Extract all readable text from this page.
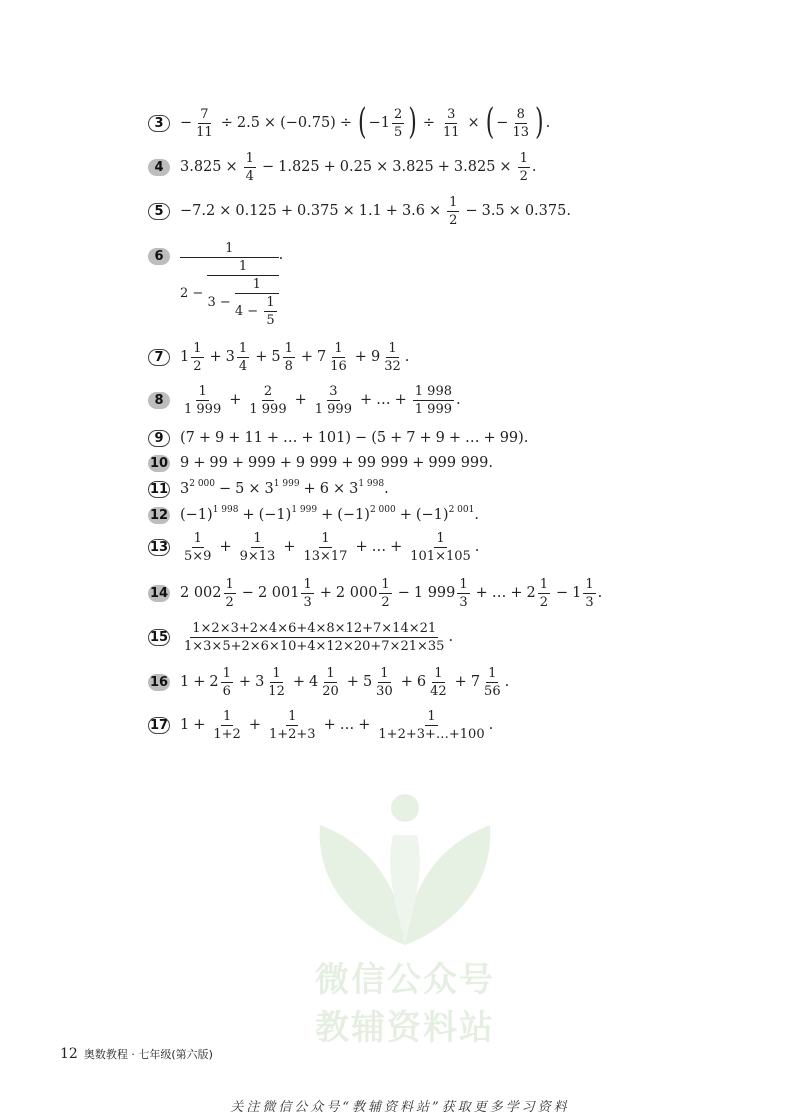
微信公众号
教辅资料站
3	− $\frac{7}{11} \div 2.5 \times (-0.75)$ ÷ ( −1
2
5 ) ÷ $\frac{3}{11}$ × ( −
8
13 ) .
4	$3.825 \times \frac{1}{4} - 1.825 + 0.25 \times 3.825 + 3.825 \times \frac{1}{2}$ .
5	$-7.2 \times 0.125 + 0.375 \times 1.1 + 3.6 \times \frac{1}{2} - 3.5 \times 0.375$.
6
1
2 −
1
3 −
1
4 −
1
5
.
7	1
1
2
+ $3 \frac{1}{4} + 5 \frac{1}{8} + 7 \frac{1}{16} + 9 \frac{1}{32}$ .
8
1
1 999
+ $\frac{2}{1 999} + \frac{3}{1 999}$ + … + $\frac{1 998}{1 999}$ .
9	(7 + 9 + 11 + … + 101) − (5 + 7 + 9 + … + 99).
10 9 + 99 + 999 + 9 999 + 99 999 + 999 999.
11 $3^{2 000} - 5 \times 3^{1 999} + 6 \times 3^{1 998}$ .
12 $(-1)^{1 998} + (-1)^{1 999} + (-1)^{2 000} + (-1)^{2 001}$ .
13
1
5×9
+ $\frac{1}{9\times 13} + \frac{1}{13\times 17}$ + … + $\frac{1}{101\times 105}$ .
14 2 002
1
2
− 2 $001 \frac{1}{3} + 2$ $000 \frac{1}{2} - 1$ $999 \frac{1}{3}$ + … + $2 \frac{1}{2} - 1 \frac{1}{3}$ .
15
1×2×3+2×4×6+4×8×12+7×14×21
1×3×5+2×6×10+4×12×20+7×21×35
.
16 $1 + 2 \frac{1}{6} + 3 \frac{1}{12} + 4 \frac{1}{20} + 5 \frac{1}{30} + 6 \frac{1}{42} + 7 \frac{1}{56}$ .
17 $1 + \frac{1}{1+2} + \frac{1}{1+2+3}$ + … + $\frac{1}{1+2+3+\dots+100}$ .
12 奥数教程 · 七年级(第六版)
关注微信公众号“教辅资料站”获取更多学习资料
